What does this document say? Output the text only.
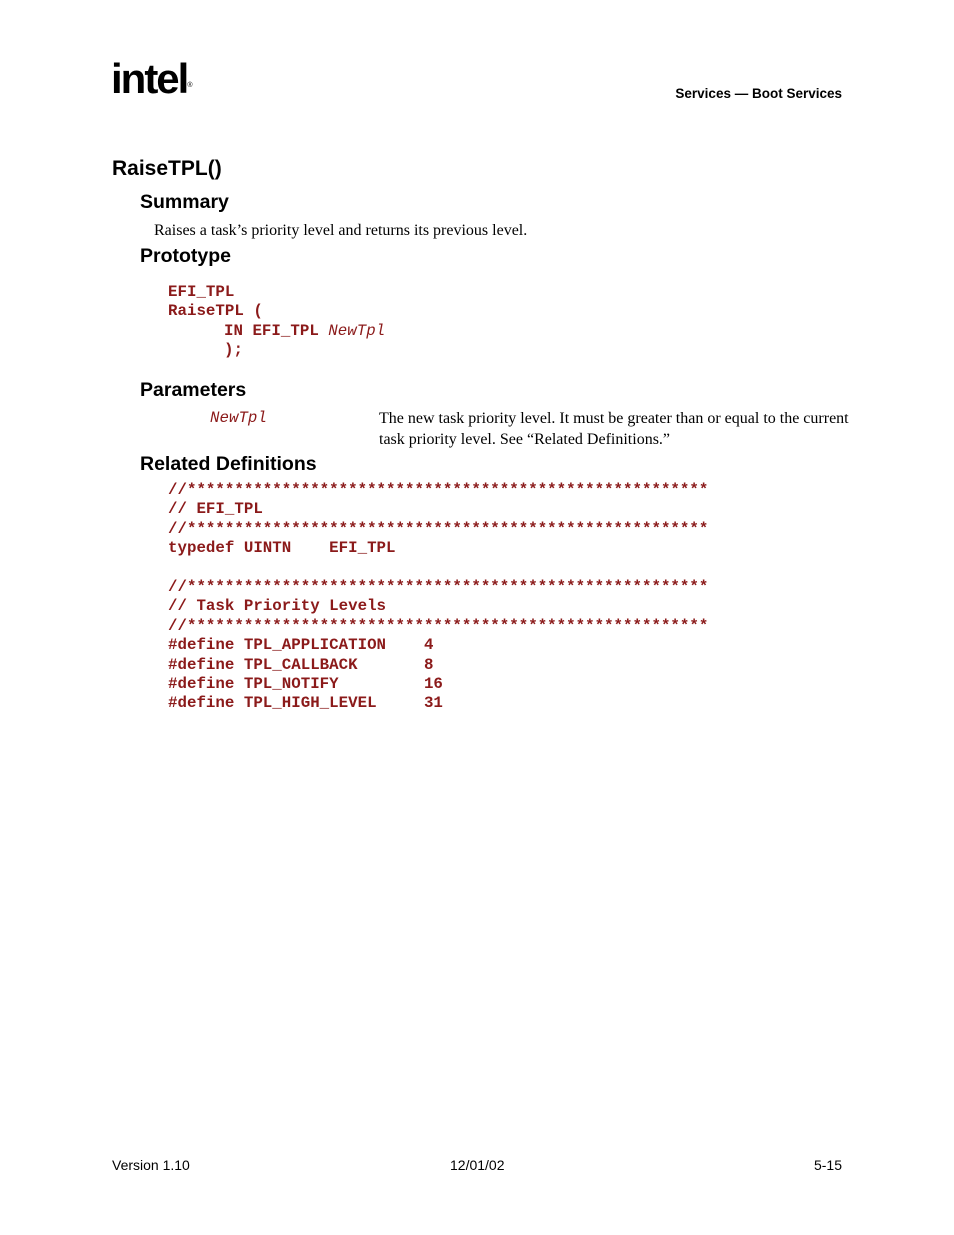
intel®
Services — Boot Services
RaiseTPL()
Summary
Raises a task’s priority level and returns its previous level.
Prototype
EFI_TPL
RaiseTPL (
IN EFI_TPL NewTpl
);
Parameters
NewTpl	The new task priority level. It must be greater than or equal to the current task priority level. See “Related Definitions.”
Related Definitions
//*******************************************************
// EFI_TPL
//*******************************************************
typedef UINTN    EFI_TPL
//*******************************************************
// Task Priority Levels
//*******************************************************
#define TPL_APPLICATION    4
#define TPL_CALLBACK       8
#define TPL_NOTIFY         16
#define TPL_HIGH_LEVEL     31
Version 1.10	12/01/02	5-15
